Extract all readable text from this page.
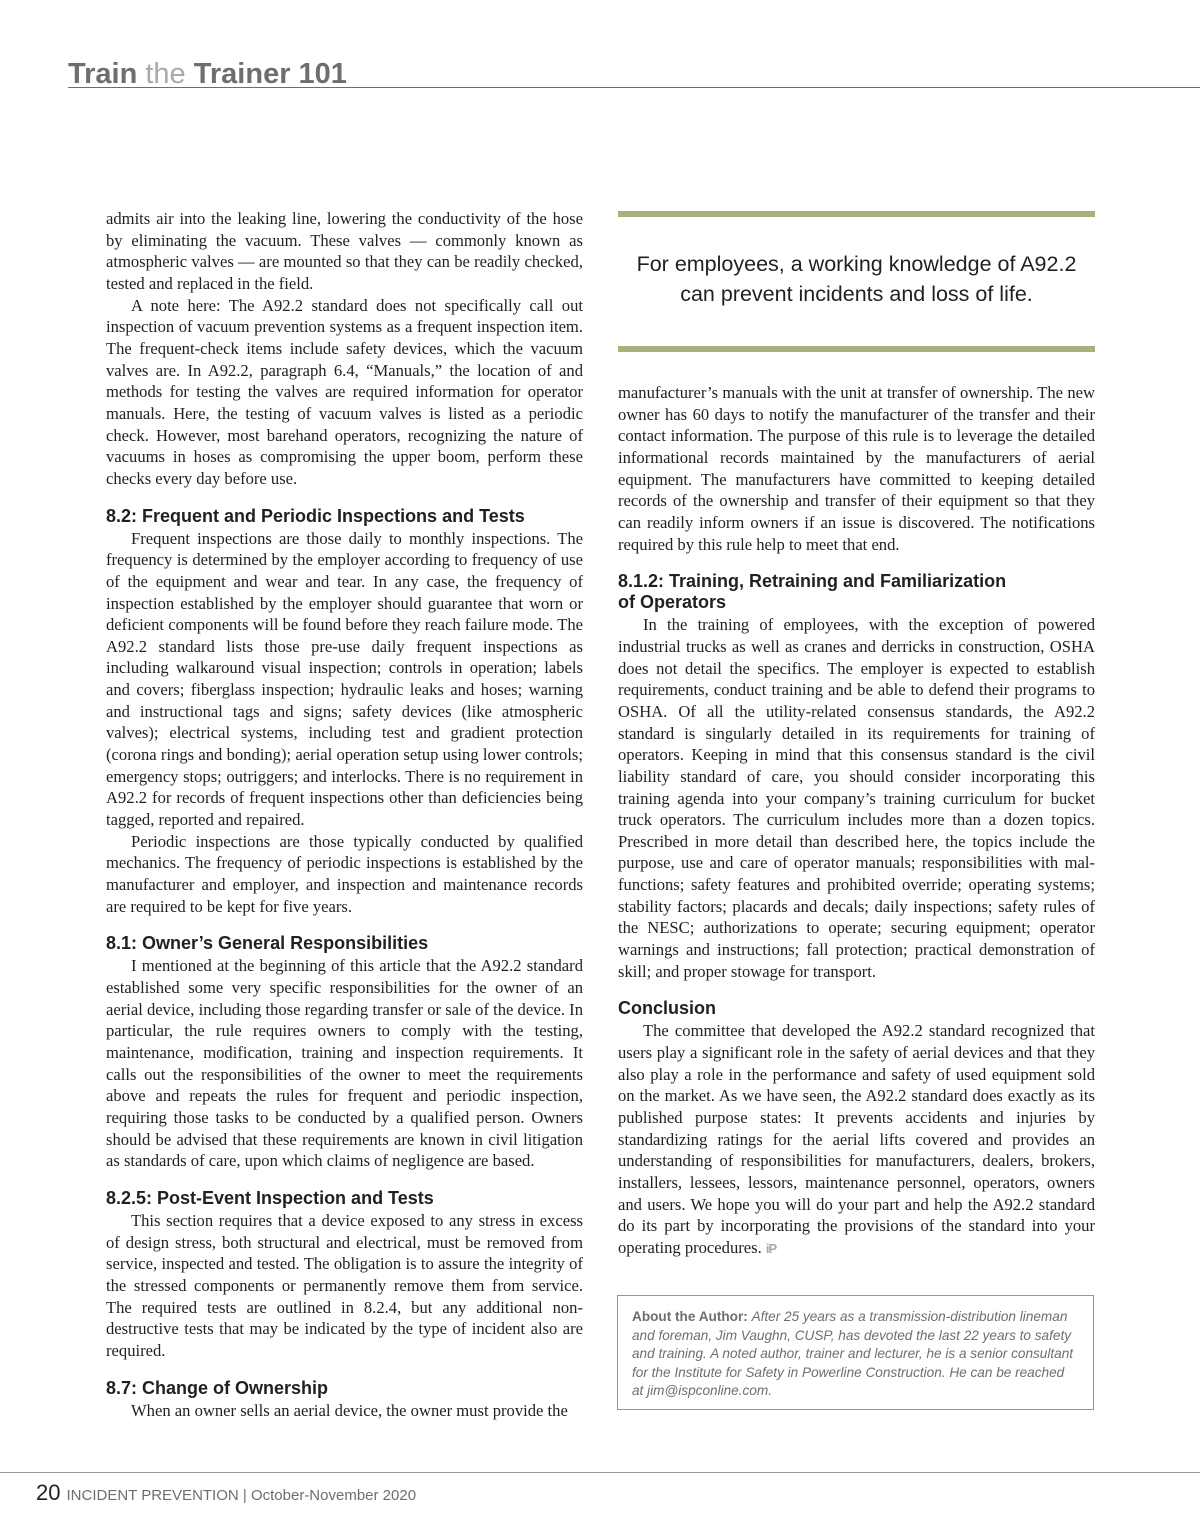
Train the Trainer 101

admits air into the leaking line, lowering the conductivity of the hose by eliminating the vacuum. These valves — commonly known as atmospheric valves — are mounted so that they can be readily checked, tested and replaced in the field.

A note here: The A92.2 standard does not specifically call out inspection of vacuum prevention systems as a frequent inspection item. The frequent-check items include safety devices, which the vacuum valves are. In A92.2, paragraph 6.4, “Manuals,” the location of and methods for testing the valves are required information for operator manuals. Here, the testing of vacuum valves is listed as a periodic check. However, most barehand operators, recognizing the nature of vacuums in hoses as compromising the upper boom, perform these checks every day before use.

8.2: Frequent and Periodic Inspections and Tests

Frequent inspections are those daily to monthly inspections. The frequency is determined by the employer according to frequency of use of the equipment and wear and tear. In any case, the frequency of inspection established by the employer should guarantee that worn or deficient components will be found before they reach failure mode. The A92.2 standard lists those pre-use daily frequent inspections as including walkaround visual inspection; controls in operation; labels and covers; fiberglass inspection; hydraulic leaks and hoses; warning and instructional tags and signs; safety devices (like atmospheric valves); electrical systems, including test and gradient protection (corona rings and bonding); aerial operation setup using lower controls; emergency stops; outriggers; and interlocks. There is no requirement in A92.2 for records of frequent inspections other than deficiencies being tagged, reported and repaired.

Periodic inspections are those typically conducted by qualified mechanics. The frequency of periodic inspections is established by the manufacturer and employer, and inspection and maintenance records are required to be kept for five years.

8.1: Owner’s General Responsibilities

I mentioned at the beginning of this article that the A92.2 standard established some very specific responsibilities for the owner of an aerial device, including those regarding transfer or sale of the device. In particular, the rule requires owners to comply with the testing, maintenance, modification, training and inspection requirements. It calls out the responsibilities of the owner to meet the requirements above and repeats the rules for frequent and periodic inspection, requiring those tasks to be conducted by a qualified person. Owners should be advised that these requirements are known in civil litigation as standards of care, upon which claims of negligence are based.

8.2.5: Post-Event Inspection and Tests

This section requires that a device exposed to any stress in excess of design stress, both structural and electrical, must be removed from service, inspected and tested. The obligation is to assure the integrity of the stressed components or permanently remove them from service. The required tests are outlined in 8.2.4, but any additional non-destructive tests that may be indicated by the type of incident also are required.

8.7: Change of Ownership

When an owner sells an aerial device, the owner must provide the

For employees, a working knowledge of A92.2 can prevent incidents and loss of life.

manufacturer’s manuals with the unit at transfer of ownership. The new owner has 60 days to notify the manufacturer of the transfer and their contact information. The purpose of this rule is to leverage the detailed informational records maintained by the manufacturers of aerial equipment. The manufacturers have committed to keeping detailed records of the ownership and transfer of their equipment so that they can readily inform owners if an issue is discovered. The notifications required by this rule help to meet that end.

8.1.2: Training, Retraining and Familiarization
of Operators

In the training of employees, with the exception of powered industrial trucks as well as cranes and derricks in construction, OSHA does not detail the specifics. The employer is expected to establish requirements, conduct training and be able to defend their programs to OSHA. Of all the utility-related consensus standards, the A92.2 standard is singularly detailed in its requirements for training of operators. Keeping in mind that this consensus standard is the civil liability standard of care, you should consider incorporating this training agenda into your company’s training curriculum for bucket truck operators. The curriculum includes more than a dozen topics. Prescribed in more detail than described here, the topics include the purpose, use and care of operator manuals; responsibilities with malfunctions; safety features and prohibited override; operating systems; stability factors; placards and decals; daily inspections; safety rules of the NESC; authorizations to operate; securing equipment; operator warnings and instructions; fall protection; practical demonstration of skill; and proper stowage for transport.

Conclusion

The committee that developed the A92.2 standard recognized that users play a significant role in the safety of aerial devices and that they also play a role in the performance and safety of used equipment sold on the market. As we have seen, the A92.2 standard does exactly as its published purpose states: It prevents accidents and injuries by standardizing ratings for the aerial lifts covered and provides an understanding of responsibilities for manufacturers, dealers, brokers, installers, lessees, lessors, maintenance personnel, operators, owners and users. We hope you will do your part and help the A92.2 standard do its part by incorporating the provisions of the standard into your operating procedures. iP

About the Author: After 25 years as a transmission-distribution lineman and foreman, Jim Vaughn, CUSP, has devoted the last 22 years to safety and training. A noted author, trainer and lecturer, he is a senior consultant for the Institute for Safety in Powerline Construction. He can be reached at jim@ispconline.com.
20 INCIDENT PREVENTION | October-November 2020
